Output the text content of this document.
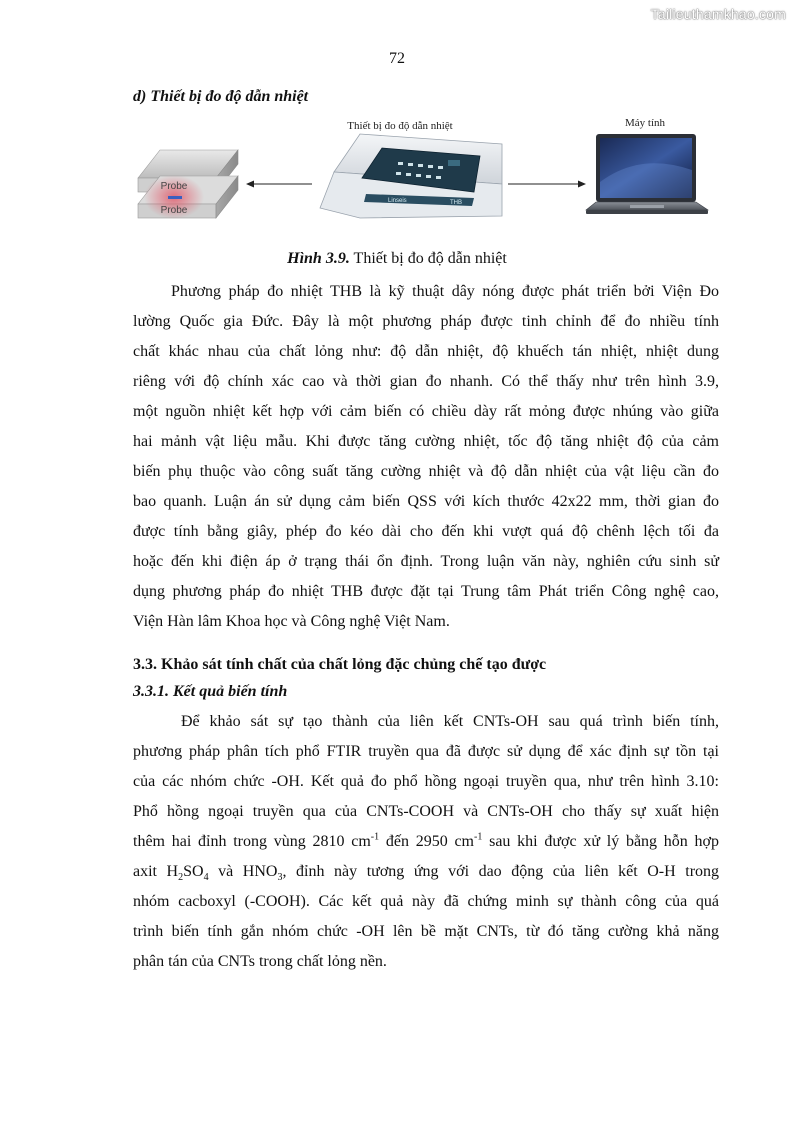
Tailieuthamkhao.com
72
d) Thiết bị đo độ dẫn nhiệt
Probe
Probe
Thiết bị đo độ dẫn nhiệt
Linseis	THB
Máy tính
Hình 3.9. Thiết bị đo độ dẫn nhiệt
Phương pháp đo nhiệt THB là kỹ thuật dây nóng được phát triển bởi Viện Đo
lường Quốc gia Đức. Đây là một phương pháp được tinh chỉnh để đo nhiều tính
chất khác nhau của chất lỏng như: độ dẫn nhiệt, độ khuếch tán nhiệt, nhiệt dung
riêng với độ chính xác cao và thời gian đo nhanh. Có thể thấy như trên hình 3.9,
một nguồn nhiệt kết hợp với cảm biến có chiều dày rất mỏng được nhúng vào giữa
hai mảnh vật liệu mẫu. Khi được tăng cường nhiệt, tốc độ tăng nhiệt độ của cảm
biến phụ thuộc vào công suất tăng cường nhiệt và độ dẫn nhiệt của vật liệu cần đo
bao quanh. Luận án sử dụng cảm biến QSS với kích thước 42x22 mm, thời gian đo
được tính bằng giây, phép đo kéo dài cho đến khi vượt quá độ chênh lệch tối đa
hoặc đến khi điện áp ở trạng thái ổn định. Trong luận văn này, nghiên cứu sinh sử
dụng phương pháp đo nhiệt THB được đặt tại Trung tâm Phát triển Công nghệ cao,
Viện Hàn lâm Khoa học và Công nghệ Việt Nam.
3.3. Khảo sát tính chất của chất lỏng đặc chủng chế tạo được
3.3.1. Kết quả biến tính
Để khảo sát sự tạo thành của liên kết CNTs-OH sau quá trình biến tính,
phương pháp phân tích phổ FTIR truyền qua đã được sử dụng để xác định sự tồn tại
của các nhóm chức -OH. Kết quả đo phổ hồng ngoại truyền qua, như trên hình 3.10:
Phổ hồng ngoại truyền qua của CNTs-COOH và CNTs-OH cho thấy sự xuất hiện
thêm hai đỉnh trong vùng 2810 $cm^{-1}$ đến 2950 $cm^{-1}$ sau khi được xử lý bằng hỗn hợp
axit $H_2SO_4$ và $HNO_3$, đỉnh này tương ứng với dao động của liên kết O-H trong
nhóm cacboxyl (-COOH). Các kết quả này đã chứng minh sự thành công của quá
trình biến tính gắn nhóm chức -OH lên bề mặt CNTs, từ đó tăng cường khả năng
phân tán của CNTs trong chất lỏng nền.
